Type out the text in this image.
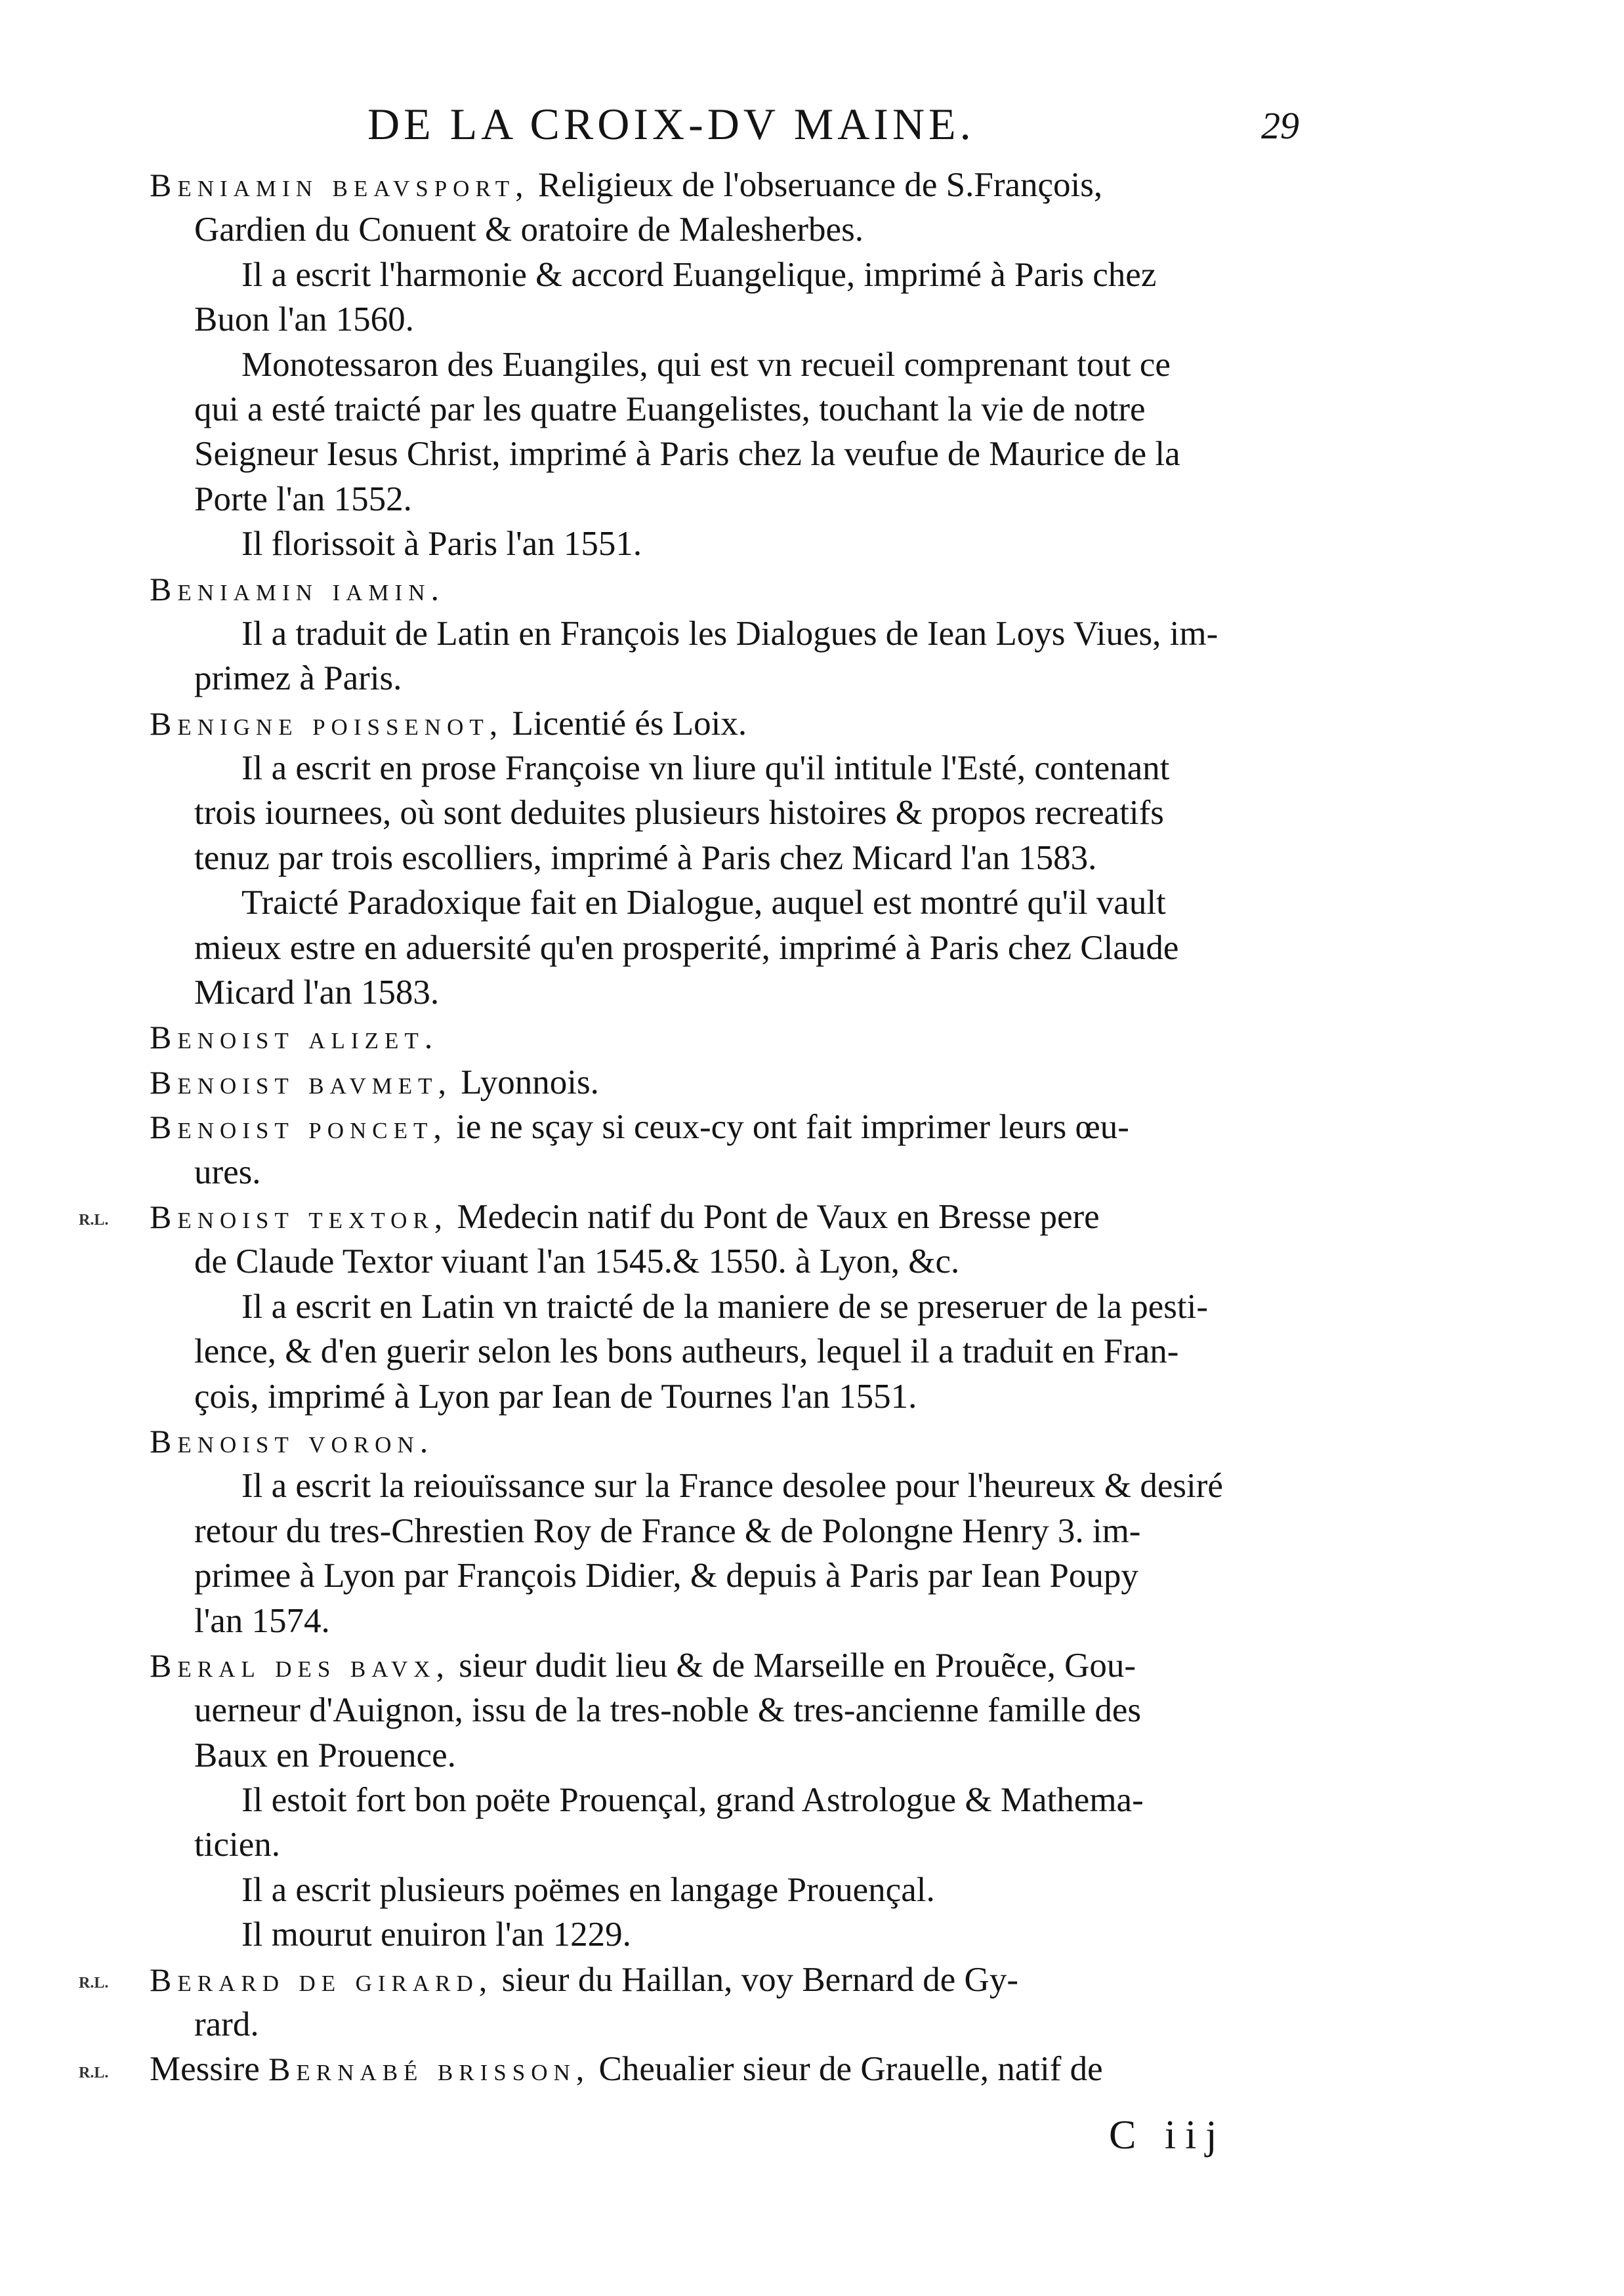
DE LA CROIX-DV MAINE.	29
Beniamin beavsport, Religieux de l'obseruance de S.François,
Gardien du Conuent & oratoire de Malesherbes.
Il a escrit l'harmonie & accord Euangelique, imprimé à Paris chez
Buon l'an 1560.
Monotessaron des Euangiles, qui est vn recueil comprenant tout ce
qui a esté traicté par les quatre Euangelistes, touchant la vie de notre
Seigneur Iesus Christ, imprimé à Paris chez la veufue de Maurice de la
Porte l'an 1552.
Il florissoit à Paris l'an 1551.
Beniamin iamin.
Il a traduit de Latin en François les Dialogues de Iean Loys Viues, im-
primez à Paris.
Benigne poissenot, Licentié és Loix.
Il a escrit en prose Françoise vn liure qu'il intitule l'Esté, contenant
trois iournees, où sont deduites plusieurs histoires & propos recreatifs
tenuz par trois escolliers, imprimé à Paris chez Micard l'an 1583.
Traicté Paradoxique fait en Dialogue, auquel est montré qu'il vault
mieux estre en aduersité qu'en prosperité, imprimé à Paris chez Claude
Micard l'an 1583.
Benoist alizet.
Benoist bavmet, Lyonnois.
Benoist poncet, ie ne sçay si ceux-cy ont fait imprimer leurs œu-
ures.
Benoist textor, Medecin natif du Pont de Vaux en Bresse pere
de Claude Textor viuant l'an 1545.& 1550. à Lyon, &c.
Il a escrit en Latin vn traicté de la maniere de se preseruer de la pesti-
lence, & d'en guerir selon les bons autheurs, lequel il a traduit en Fran-
çois, imprimé à Lyon par Iean de Tournes l'an 1551.
Benoist voron.
Il a escrit la reiouïssance sur la France desolee pour l'heureux & desiré
retour du tres-Chrestien Roy de France & de Polongne Henry 3. im-
primee à Lyon par François Didier, & depuis à Paris par Iean Poupy
l'an 1574.
Beral des bavx, sieur dudit lieu & de Marseille en Prouẽce, Gou-
uerneur d'Auignon, issu de la tres-noble & tres-ancienne famille des
Baux en Prouence.
Il estoit fort bon poëte Prouençal, grand Astrologue & Mathema-
ticien.
Il a escrit plusieurs poëmes en langage Prouençal.
Il mourut enuiron l'an 1229.
Berard de girard, sieur du Haillan, voy Bernard de Gy-
rard.
Messire Bernabé brisson, Cheualier sieur de Grauelle, natif de
R.L.
R.L.
R.L.
C iij
